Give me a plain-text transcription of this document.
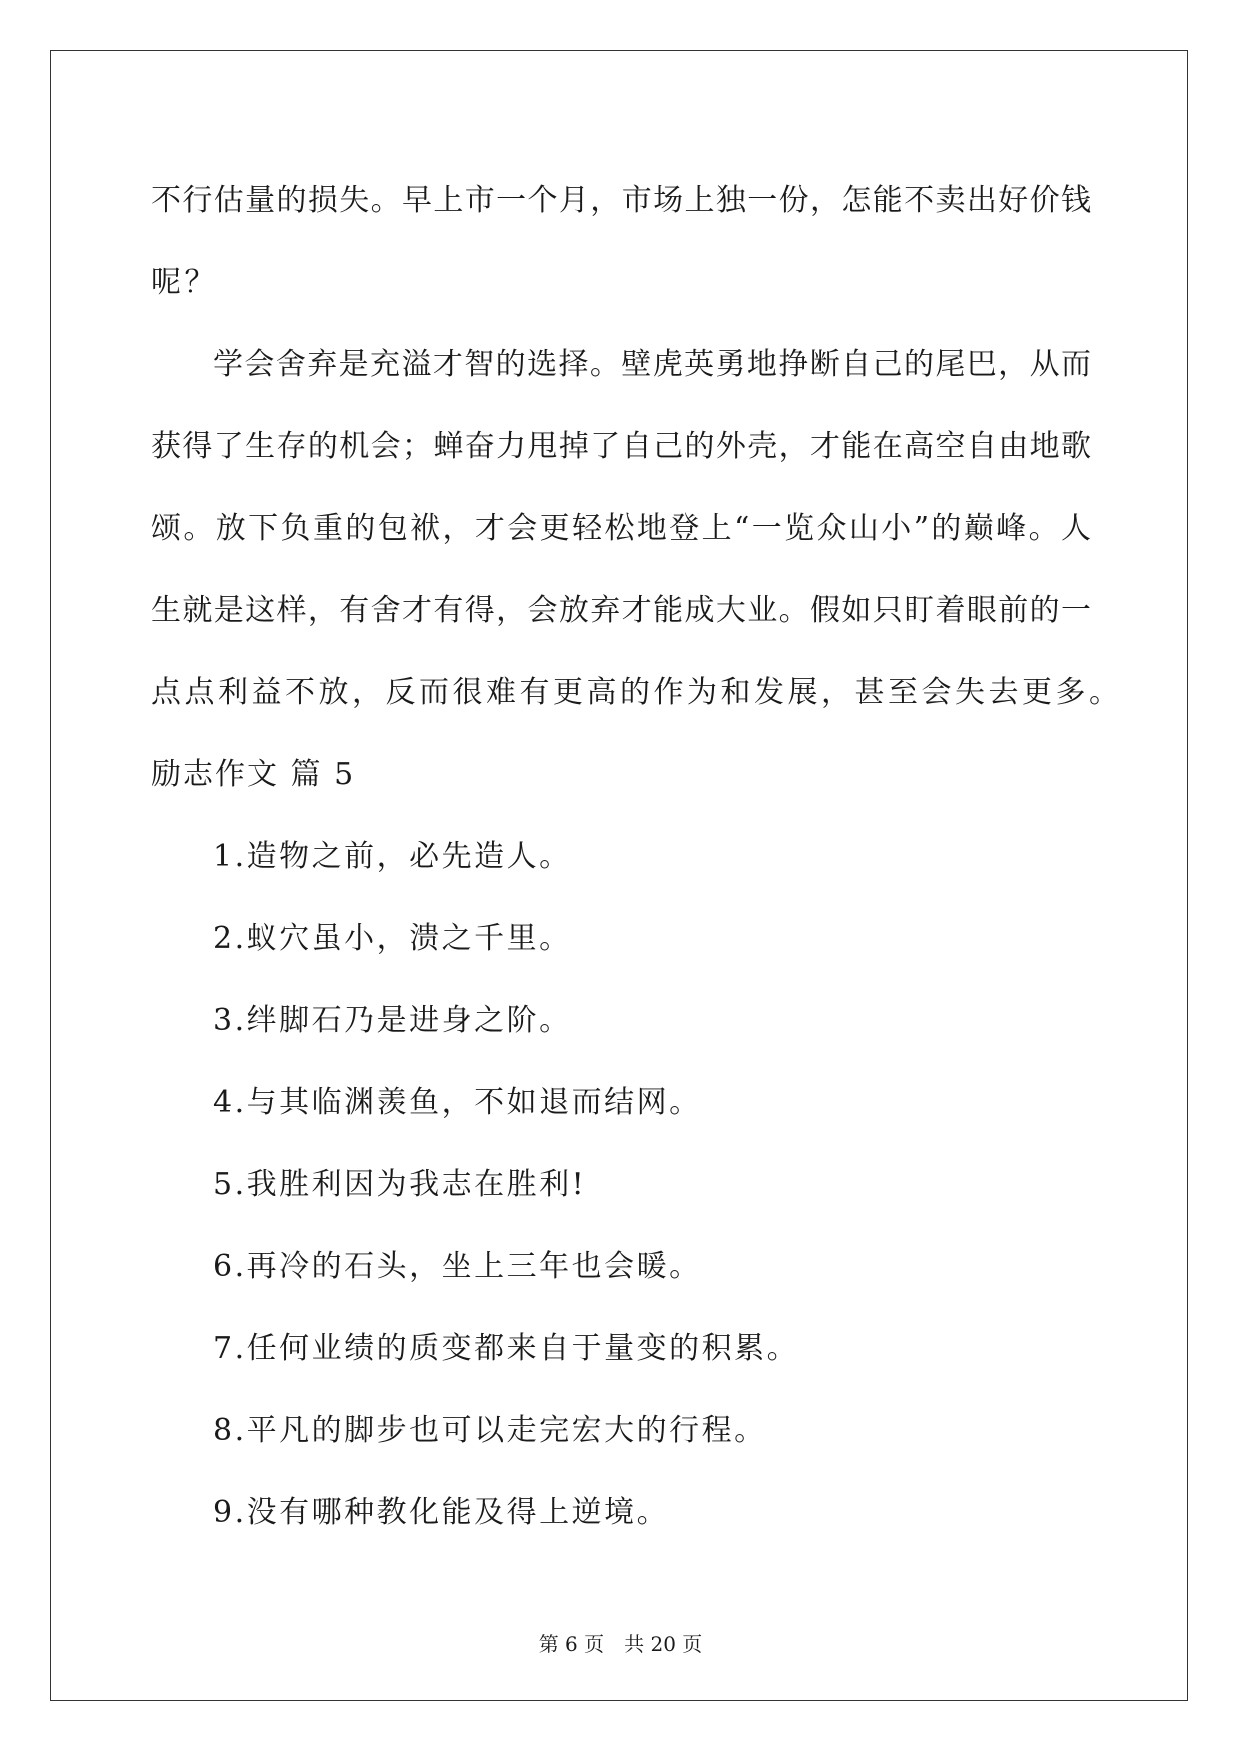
不行估量的损失。早上市一个月，市场上独一份，怎能不卖出好价钱
呢？
学会舍弃是充溢才智的选择。壁虎英勇地挣断自己的尾巴，从而
获得了生存的机会；蝉奋力甩掉了自己的外壳，才能在高空自由地歌
颂。放下负重的包袱，才会更轻松地登上“一览众山小”的巅峰。人
生就是这样，有舍才有得，会放弃才能成大业。假如只盯着眼前的一
点点利益不放，反而很难有更高的作为和发展，甚至会失去更多。
励志作文 篇 5
1.造物之前，必先造人。
2.蚁穴虽小，溃之千里。
3.绊脚石乃是进身之阶。
4.与其临渊羡鱼，不如退而结网。
5.我胜利因为我志在胜利!
6.再冷的石头，坐上三年也会暖。
7.任何业绩的质变都来自于量变的积累。
8.平凡的脚步也可以走完宏大的行程。
9.没有哪种教化能及得上逆境。
第 6 页 共 20 页
